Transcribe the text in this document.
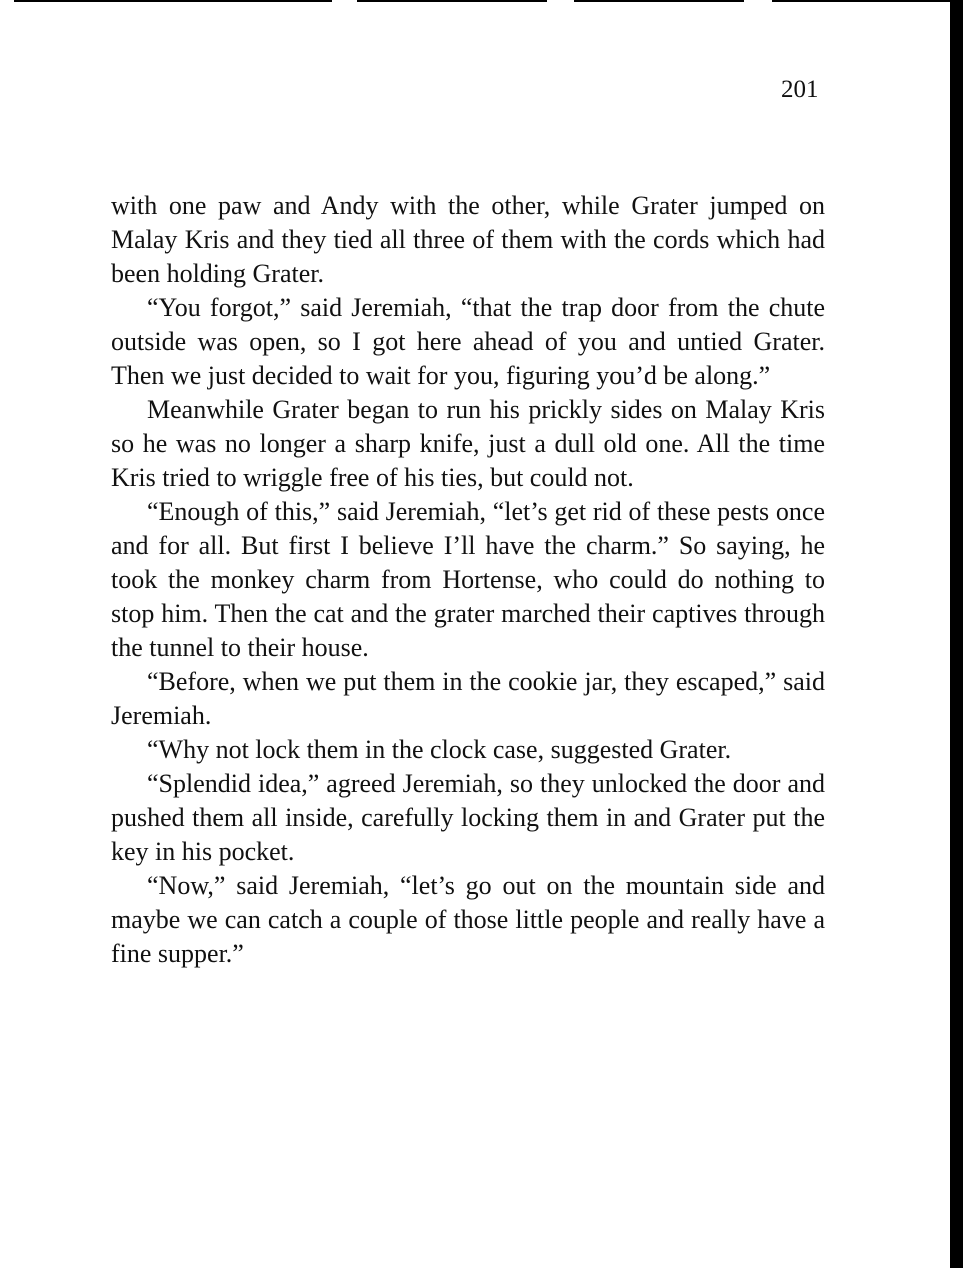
201

with one paw and Andy with the other, while Grater jumped on Malay Kris and they tied all three of them with the cords which had been holding Grater.

“You forgot,” said Jeremiah, “that the trap door from the chute outside was open, so I got here ahead of you and untied Grater. Then we just decided to wait for you, figuring you’d be along.”

Meanwhile Grater began to run his prickly sides on Malay Kris so he was no longer a sharp knife, just a dull old one. All the time Kris tried to wriggle free of his ties, but could not.

“Enough of this,” said Jeremiah, “let’s get rid of these pests once and for all. But first I believe I’ll have the charm.” So saying, he took the monkey charm from Hortense, who could do nothing to stop him. Then the cat and the grater marched their captives through the tunnel to their house.

“Before, when we put them in the cookie jar, they escaped,” said Jeremiah.

“Why not lock them in the clock case, suggested Grater.

“Splendid idea,” agreed Jeremiah, so they unlocked the door and pushed them all inside, carefully locking them in and Grater put the key in his pocket.

“Now,” said Jeremiah, “let’s go out on the mountain side and maybe we can catch a couple of those little people and really have a fine supper.”
